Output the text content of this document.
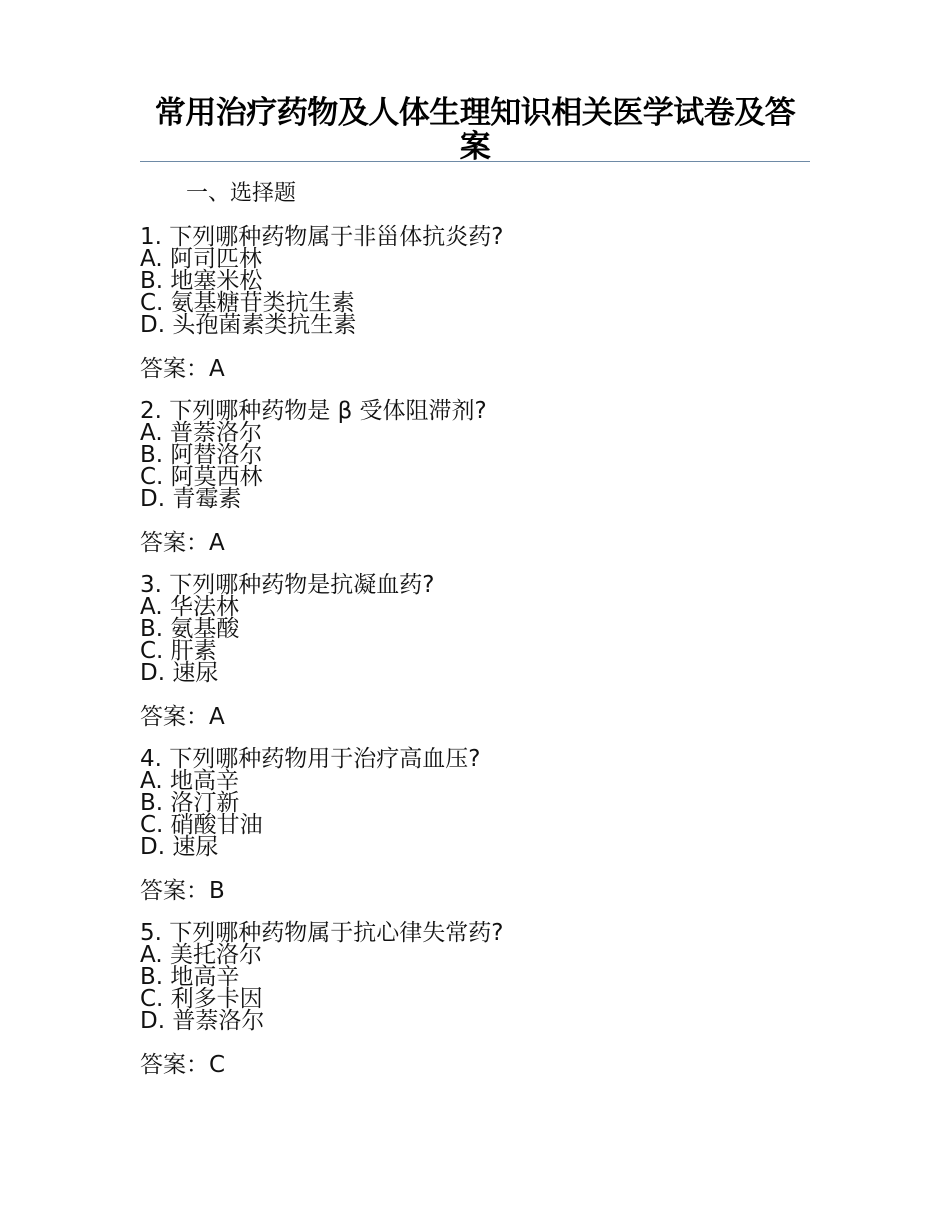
常用治疗药物及人体生理知识相关医学试卷及答案
一、选择题
1. 下列哪种药物属于非甾体抗炎药?
A. 阿司匹林
B. 地塞米松
C. 氨基糖苷类抗生素
D. 头孢菌素类抗生素
答案：A
2. 下列哪种药物是 β 受体阻滞剂?
A. 普萘洛尔
B. 阿替洛尔
C. 阿莫西林
D. 青霉素
答案：A
3. 下列哪种药物是抗凝血药?
A. 华法林
B. 氨基酸
C. 肝素
D. 速尿
答案：A
4. 下列哪种药物用于治疗高血压?
A. 地高辛
B. 洛汀新
C. 硝酸甘油
D. 速尿
答案：B
5. 下列哪种药物属于抗心律失常药?
A. 美托洛尔
B. 地高辛
C. 利多卡因
D. 普萘洛尔
答案：C
